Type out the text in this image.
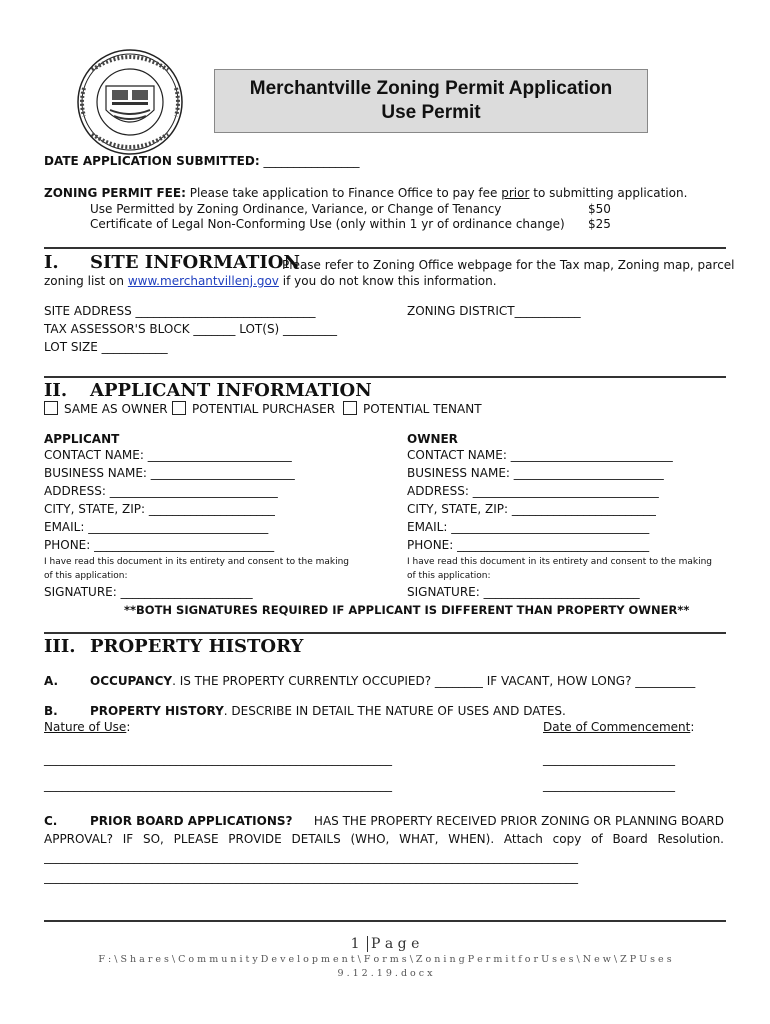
Merchantville Zoning Permit Application
Use Permit
DATE APPLICATION SUBMITTED: ________________
ZONING PERMIT FEE: Please take application to Finance Office to pay fee prior to submitting application.
Use Permitted by Zoning Ordinance, Variance, or Change of Tenancy	$50
Certificate of Legal Non-Conforming Use (only within 1 yr of ordinance change) $25
I. SITE INFORMATION
Please refer to Zoning Office webpage for the Tax map, Zoning map, parcel
zoning list on www.merchantvillenj.gov if you do not know this information.
SITE ADDRESS ______________________________	ZONING DISTRICT___________
TAX ASSESSOR'S BLOCK _______ LOT(S) _________
LOT SIZE ___________
II. APPLICANT INFORMATION
SAME AS OWNER	POTENTIAL PURCHASER	POTENTIAL TENANT
APPLICANT
CONTACT NAME: ________________________
BUSINESS NAME: ________________________
ADDRESS: ____________________________
CITY, STATE, ZIP: _____________________
EMAIL: ______________________________
PHONE: ______________________________
I have read this document in its entirety and consent to the making
of this application:
SIGNATURE: ______________________
OWNER
CONTACT NAME: ___________________________
BUSINESS NAME: _________________________
ADDRESS: _______________________________
CITY, STATE, ZIP: ________________________
EMAIL: _________________________________
PHONE: ________________________________
I have read this document in its entirety and consent to the making
of this application:
SIGNATURE: __________________________
**BOTH SIGNATURES REQUIRED IF APPLICANT IS DIFFERENT THAN PROPERTY OWNER**
III. PROPERTY HISTORY
A.	OCCUPANCY. IS THE PROPERTY CURRENTLY OCCUPIED? ________ IF VACANT, HOW LONG? __________
B.	PROPERTY HISTORY. DESCRIBE IN DETAIL THE NATURE OF USES AND DATES.
Nature of Use:	Date of Commencement:
__________________________________________________________	______________________
__________________________________________________________	______________________
C.	PRIOR BOARD APPLICATIONS? HAS THE PROPERTY RECEIVED PRIOR ZONING OR PLANNING BOARD
APPROVAL? IF SO, PLEASE PROVIDE DETAILS (WHO, WHAT, WHEN). Attach copy of Board Resolution.
_________________________________________________________________________________________
_________________________________________________________________________________________
1 P a g e
F : \ S h a r e s \ C o m m u n i t y D e v e l o p m e n t \ F o r m s \ Z o n i n g P e r m i t f o r U s e s \ N e w \ Z P U s e s
9 . 1 2 . 1 9 . d o c x
